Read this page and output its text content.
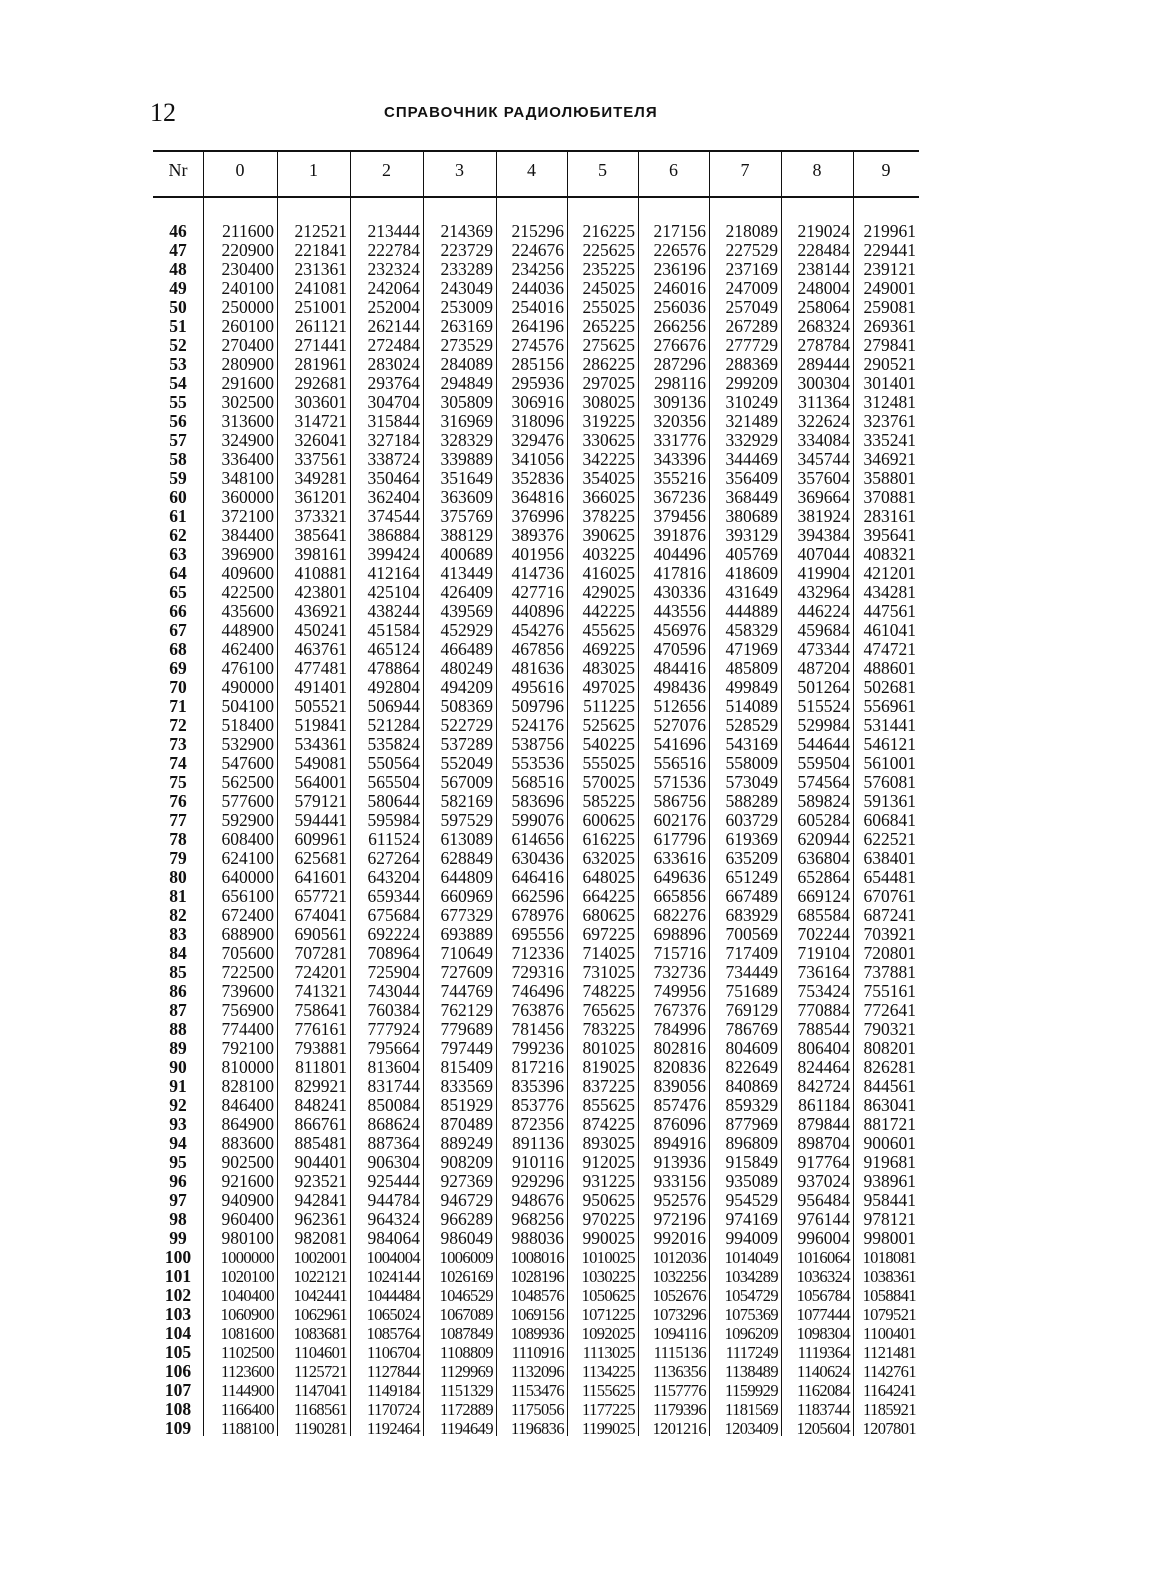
12	СПРАВОЧНИК РАДИОЛЮБИТЕЛЯ
Nr	0	1	2	3	4	5	6	7	8	9
46	211600	212521	213444	214369	215296	216225	217156	218089	219024 219961
47	220900	221841	222784	223729	224676	225625	226576	227529	228484 229441
48	230400	231361	232324	233289	234256	235225	236196	237169	238144 239121
49	240100	241081	242064	243049	244036	245025	246016	247009	248004 249001
50	250000	251001	252004	253009	254016	255025	256036	257049	258064 259081
51	260100	261121	262144	263169	264196	265225	266256	267289	268324 269361
52	270400	271441	272484	273529	274576	275625	276676	277729	278784 279841
53	280900	281961	283024	284089	285156	286225	287296	288369	289444 290521
54	291600	292681	293764	294849	295936	297025	298116	299209	300304 301401
55	302500	303601	304704	305809	306916	308025	309136	310249	311364 312481
56	313600	314721	315844	316969	318096	319225	320356	321489	322624 323761
57	324900	326041	327184	328329	329476	330625	331776	332929	334084 335241
58	336400	337561	338724	339889	341056	342225	343396	344469	345744 346921
59	348100	349281	350464	351649	352836	354025	355216	356409	357604 358801
60	360000	361201	362404	363609	364816	366025	367236	368449	369664 370881
61	372100	373321	374544	375769	376996	378225	379456	380689	381924 283161
62	384400	385641	386884	388129	389376	390625	391876	393129	394384 395641
63	396900	398161	399424	400689	401956	403225	404496	405769	407044 408321
64	409600	410881	412164	413449	414736	416025	417816	418609	419904 421201
65	422500	423801	425104	426409	427716	429025	430336	431649	432964 434281
66	435600	436921	438244	439569	440896	442225	443556	444889	446224 447561
67	448900	450241	451584	452929	454276	455625	456976	458329	459684 461041
68	462400	463761	465124	466489	467856	469225	470596	471969	473344 474721
69	476100	477481	478864	480249	481636	483025	484416	485809	487204 488601
70	490000	491401	492804	494209	495616	497025	498436	499849	501264 502681
71	504100	505521	506944	508369	509796	511225	512656	514089	515524 556961
72	518400	519841	521284	522729	524176	525625	527076	528529	529984 531441
73	532900	534361	535824	537289	538756	540225	541696	543169	544644 546121
74	547600	549081	550564	552049	553536	555025	556516	558009	559504 561001
75	562500	564001	565504	567009	568516	570025	571536	573049	574564 576081
76	577600	579121	580644	582169	583696	585225	586756	588289	589824 591361
77	592900	594441	595984	597529	599076	600625	602176	603729	605284 606841
78	608400	609961	611524	613089	614656	616225	617796	619369	620944 622521
79	624100	625681	627264	628849	630436	632025	633616	635209	636804 638401
80	640000	641601	643204	644809	646416	648025	649636	651249	652864 654481
81	656100	657721	659344	660969	662596	664225	665856	667489	669124 670761
82	672400	674041	675684	677329	678976	680625	682276	683929	685584 687241
83	688900	690561	692224	693889	695556	697225	698896	700569	702244 703921
84	705600	707281	708964	710649	712336	714025	715716	717409	719104 720801
85	722500	724201	725904	727609	729316	731025	732736	734449	736164 737881
86	739600	741321	743044	744769	746496	748225	749956	751689	753424 755161
87	756900	758641	760384	762129	763876	765625	767376	769129	770884 772641
88	774400	776161	777924	779689	781456	783225	784996	786769	788544 790321
89	792100	793881	795664	797449	799236	801025	802816	804609	806404 808201
90	810000	811801	813604	815409	817216	819025	820836	822649	824464 826281
91	828100	829921	831744	833569	835396	837225	839056	840869	842724 844561
92	846400	848241	850084	851929	853776	855625	857476	859329	861184 863041
93	864900	866761	868624	870489	872356	874225	876096	877969	879844 881721
94	883600	885481	887364	889249	891136	893025	894916	896809	898704 900601
95	902500	904401	906304	908209	910116	912025	913936	915849	917764 919681
96	921600	923521	925444	927369	929296	931225	933156	935089	937024 938961
97	940900	942841	944784	946729	948676	950625	952576	954529	956484 958441
98	960400	962361	964324	966289	968256	970225	972196	974169	976144 978121
99	980100	982081	984064	986049	988036	990025	992016	994009	996004 998001
100	1000000	1002001	1004004	1006009	1008016	1010025	1012036	1014049	1016064 1018081
101	1020100	1022121	1024144	1026169	1028196	1030225	1032256	1034289	1036324 1038361
102	1040400	1042441	1044484	1046529	1048576	1050625	1052676	1054729	1056784 1058841
103	1060900	1062961	1065024	1067089	1069156	1071225	1073296	1075369	1077444 1079521
104	1081600	1083681	1085764	1087849	1089936	1092025	1094116	1096209	1098304 1100401
105	1102500	1104601	1106704	1108809	1110916	1113025	1115136	1117249	1119364 1121481
106	1123600	1125721	1127844	1129969	1132096	1134225	1136356	1138489	1140624 1142761
107	1144900	1147041	1149184	1151329	1153476	1155625	1157776	1159929	1162084 1164241
108	1166400	1168561	1170724	1172889	1175056	1177225	1179396	1181569	1183744 1185921
109	1188100	1190281	1192464	1194649	1196836	1199025	1201216	1203409	1205604 1207801
